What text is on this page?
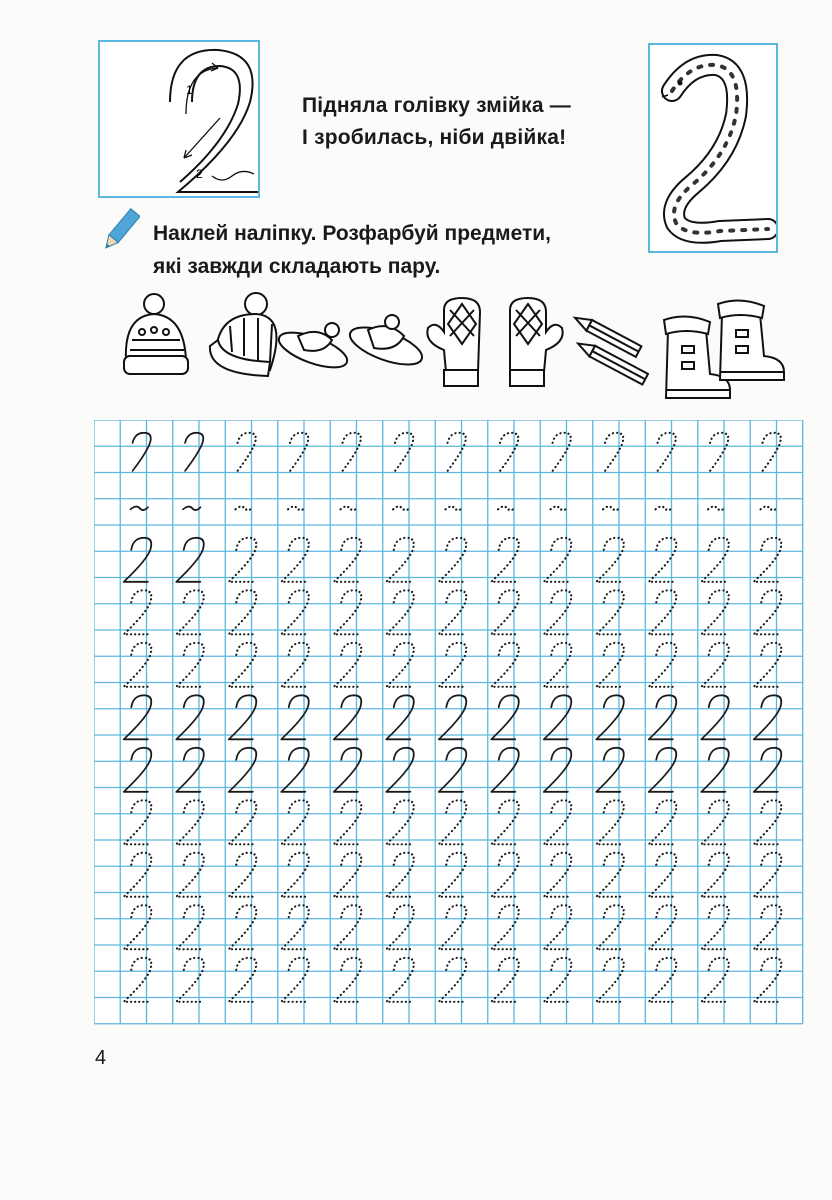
1
2
Підняла голівку змійка —
І зробилась, ніби двійка!
Наклей наліпку. Розфарбуй предмети,
які завжди складають пару.
4
